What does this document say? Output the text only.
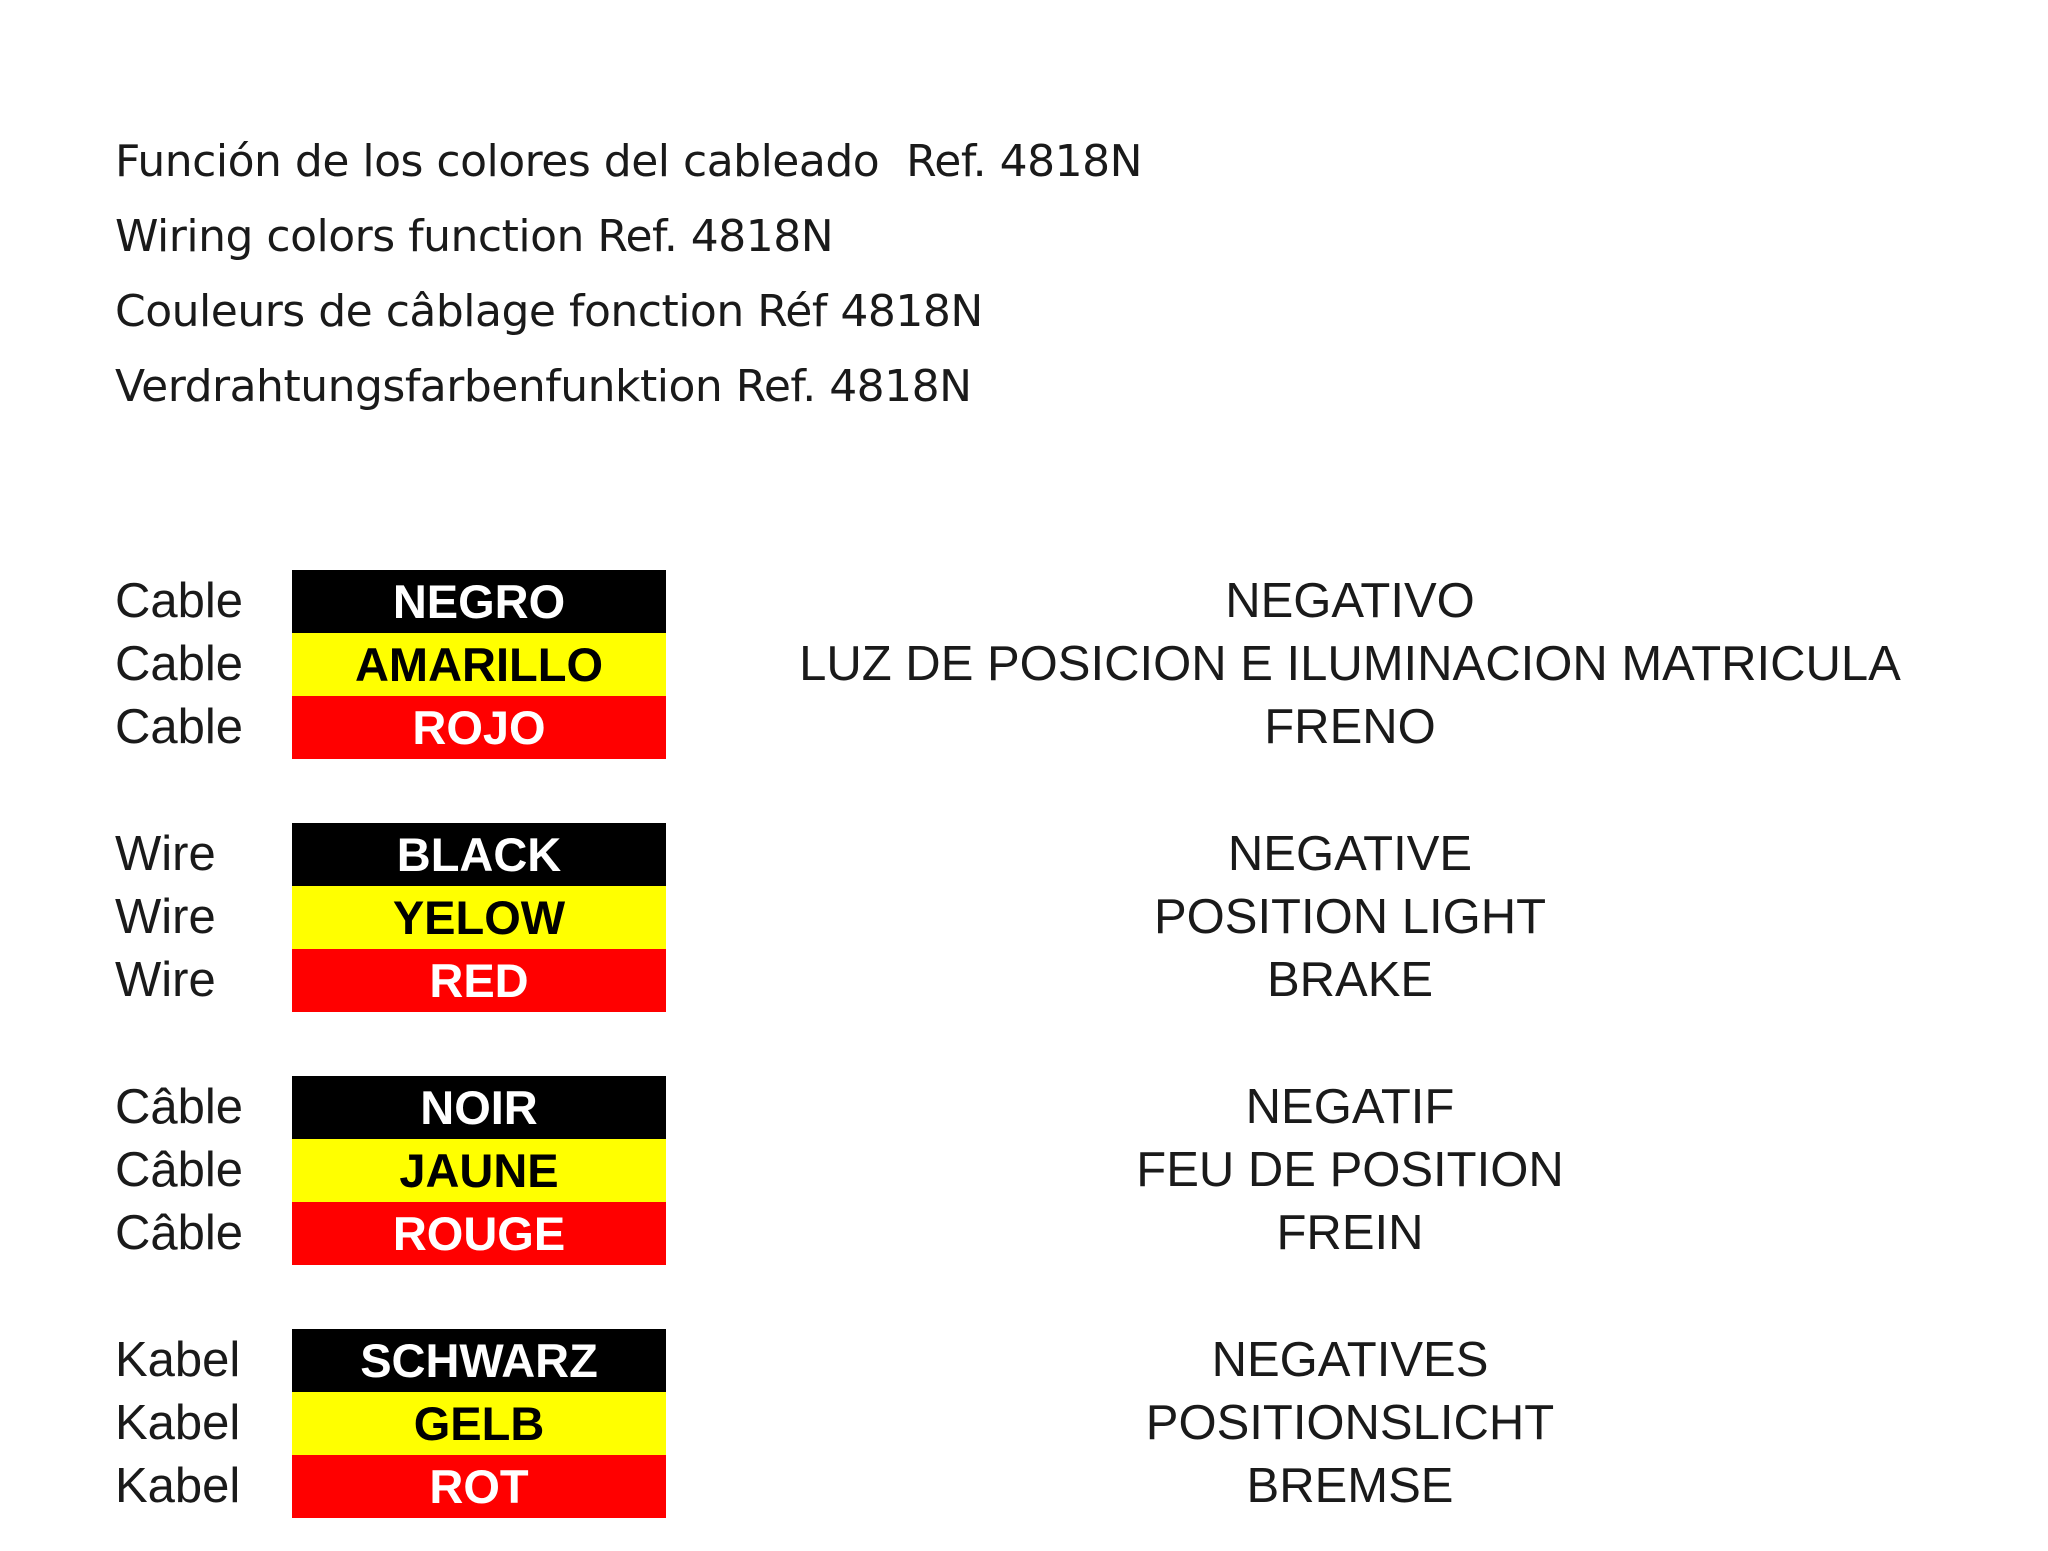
Función de los colores del cableado  Ref. 4818N
Wiring colors function Ref. 4818N
Couleurs de câblage fonction Réf 4818N
Verdrahtungsfarbenfunktion Ref. 4818N
Cable	NEGRO	NEGATIVO
Cable	AMARILLO	LUZ DE POSICION E ILUMINACION MATRICULA
Cable	ROJO	FRENO
Wire	BLACK	NEGATIVE
Wire	YELOW	POSITION LIGHT
Wire	RED	BRAKE
Câble	NOIR	NEGATIF
Câble	JAUNE	FEU DE POSITION
Câble	ROUGE	FREIN
Kabel	SCHWARZ	NEGATIVES
Kabel	GELB	POSITIONSLICHT
Kabel	ROT	BREMSE
